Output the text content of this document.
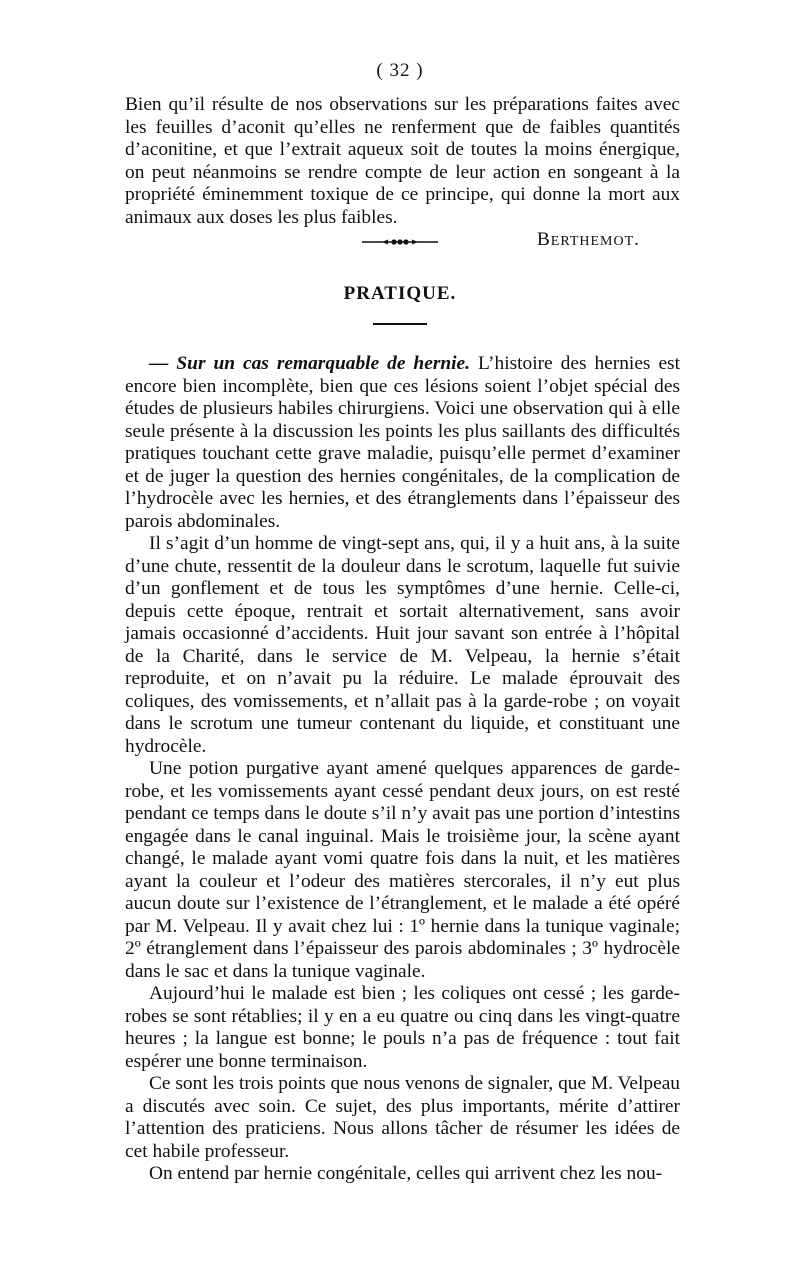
( 32 )

Bien qu’il résulte de nos observations sur les préparations faites avec les feuilles d’aconit qu’elles ne renferment que de faibles quantités d’aconitine, et que l’extrait aqueux soit de toutes la moins énergique, on peut néanmoins se rendre compte de leur action en songeant à la propriété éminemment toxique de ce principe, qui donne la mort aux animaux aux doses les plus faibles.

Berthemot.
PRATIQUE.

— Sur un cas remarquable de hernie. L’histoire des hernies est encore bien incomplète, bien que ces lésions soient l’objet spécial des études de plusieurs habiles chirurgiens. Voici une observation qui à elle seule présente à la discussion les points les plus saillants des difficultés pratiques touchant cette grave maladie, puisqu’elle permet d’examiner et de juger la question des hernies congénitales, de la complication de l’hydrocèle avec les hernies, et des étranglements dans l’épaisseur des parois abdominales.

Il s’agit d’un homme de vingt-sept ans, qui, il y a huit ans, à la suite d’une chute, ressentit de la douleur dans le scrotum, laquelle fut suivie d’un gonflement et de tous les symptômes d’une hernie. Celle-ci, depuis cette époque, rentrait et sortait alternativement, sans avoir jamais occasionné d’accidents. Huit jour savant son entrée à l’hôpital de la Charité, dans le service de M. Velpeau, la hernie s’était reproduite, et on n’avait pu la réduire. Le malade éprouvait des coliques, des vomissements, et n’allait pas à la garde-robe ; on voyait dans le scrotum une tumeur contenant du liquide, et constituant une hydrocèle.

Une potion purgative ayant amené quelques apparences de garde-robe, et les vomissements ayant cessé pendant deux jours, on est resté pendant ce temps dans le doute s’il n’y avait pas une portion d’intestins engagée dans le canal inguinal. Mais le troisième jour, la scène ayant changé, le malade ayant vomi quatre fois dans la nuit, et les matières ayant la couleur et l’odeur des matières stercorales, il n’y eut plus aucun doute sur l’existence de l’étranglement, et le malade a été opéré par M. Velpeau. Il y avait chez lui : 1º hernie dans la tunique vaginale; 2º étranglement dans l’épaisseur des parois abdominales ; 3º hydrocèle dans le sac et dans la tunique vaginale.

Aujourd’hui le malade est bien ; les coliques ont cessé ; les garde-robes se sont rétablies; il y en a eu quatre ou cinq dans les vingt-quatre heures ; la langue est bonne; le pouls n’a pas de fréquence : tout fait espérer une bonne terminaison.

Ce sont les trois points que nous venons de signaler, que M. Velpeau a discutés avec soin. Ce sujet, des plus importants, mérite d’attirer l’attention des praticiens. Nous allons tâcher de résumer les idées de cet habile professeur.

On entend par hernie congénitale, celles qui arrivent chez les nou-
